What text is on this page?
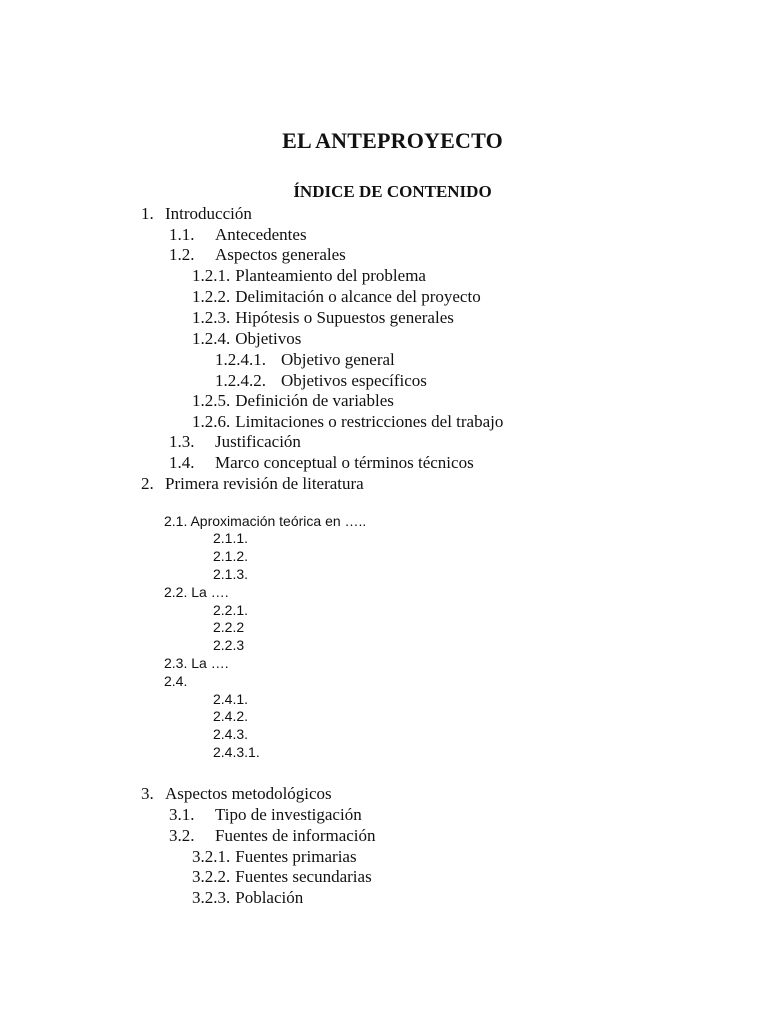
EL ANTEPROYECTO
ÍNDICE DE CONTENIDO
1. Introducción
1.1. Antecedentes
1.2. Aspectos generales
1.2.1. Planteamiento del problema
1.2.2. Delimitación o alcance del proyecto
1.2.3. Hipótesis o Supuestos generales
1.2.4. Objetivos
1.2.4.1. Objetivo general
1.2.4.2. Objetivos específicos
1.2.5. Definición de variables
1.2.6. Limitaciones o restricciones del trabajo
1.3. Justificación
1.4. Marco conceptual o términos técnicos
2. Primera revisión de literatura
2.1. Aproximación teórica en …..
2.1.1.
2.1.2.
2.1.3.
2.2. La ….
2.2.1.
2.2.2
2.2.3
2.3. La ….
2.4.
2.4.1.
2.4.2.
2.4.3.
2.4.3.1.
3. Aspectos metodológicos
3.1. Tipo de investigación
3.2. Fuentes de información
3.2.1. Fuentes primarias
3.2.2. Fuentes secundarias
3.2.3. Población
